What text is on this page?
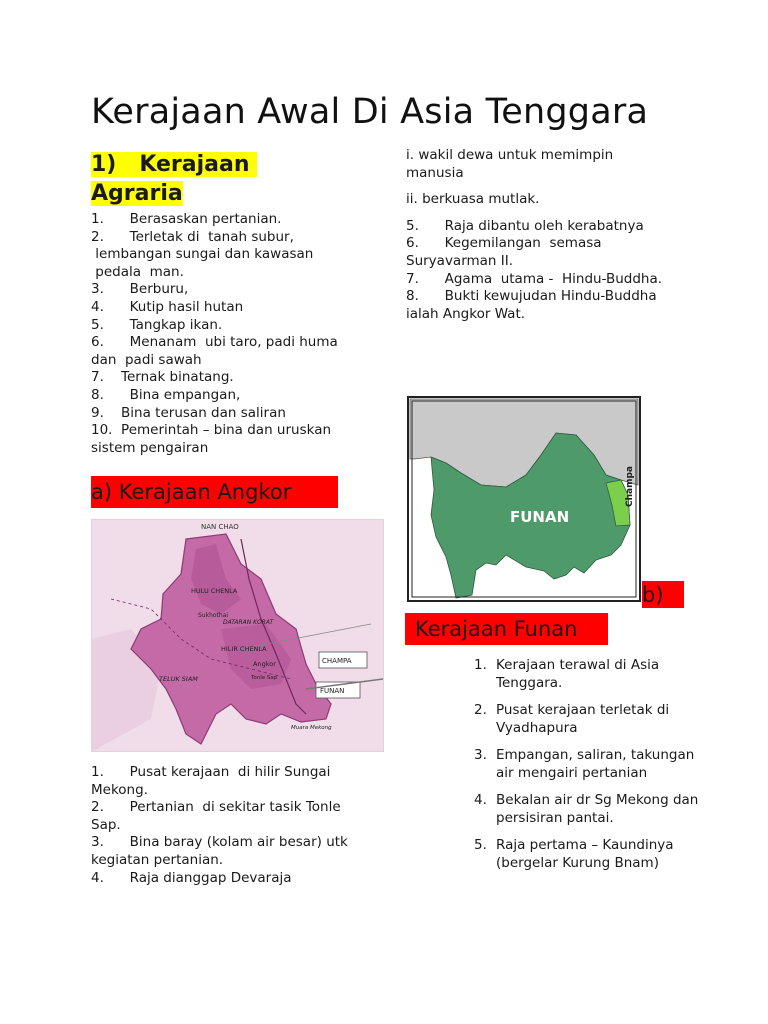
Kerajaan Awal Di Asia Tenggara
1)   Kerajaan
Agraria

1.      Berasaskan pertanian.

2.      Terletak di  tanah subur,

lembangan sungai dan kawasan

pedala  man.

3.      Berburu,

4.      Kutip hasil hutan

5.      Tangkap ikan.

6.      Menanam  ubi taro, padi huma

dan  padi sawah

7.    Ternak binatang.

8.      Bina empangan,

9.    Bina terusan dan saliran

10.  Pemerintah – bina dan uruskan

sistem pengairan

i. wakil dewa untuk memimpin

manusia

ii. berkuasa mutlak.

5.      Raja dibantu oleh kerabatnya

6.      Kegemilangan  semasa

Suryavarman II.

7.      Agama  utama -  Hindu-Buddha.

8.      Bukti kewujudan Hindu-Buddha

ialah Angkor Wat.

a) Kerajaan Angkor
NAN CHAO
HULU CHENLA
Sukhothai
DATARAN KORAT
HILIR CHENLA
Angkor
Tonle Sap
TELUK SIAM
CHAMPA
FUNAN
Muara Mekong

1.      Pusat kerajaan  di hilir Sungai

Mekong.

2.      Pertanian  di sekitar tasik Tonle

Sap.

3.      Bina baray (kolam air besar) utk

kegiatan pertanian.

4.      Raja dianggap Devaraja

FUNAN
Champa
b)
Kerajaan Funan
1. Kerajaan terawal di Asia Tenggara.
2. Pusat kerajaan terletak di Vyadhapura
3. Empangan, saliran, takungan air mengairi pertanian
4. Bekalan air dr Sg Mekong dan persisiran pantai.
5. Raja pertama – Kaundinya (bergelar Kurung Bnam)
